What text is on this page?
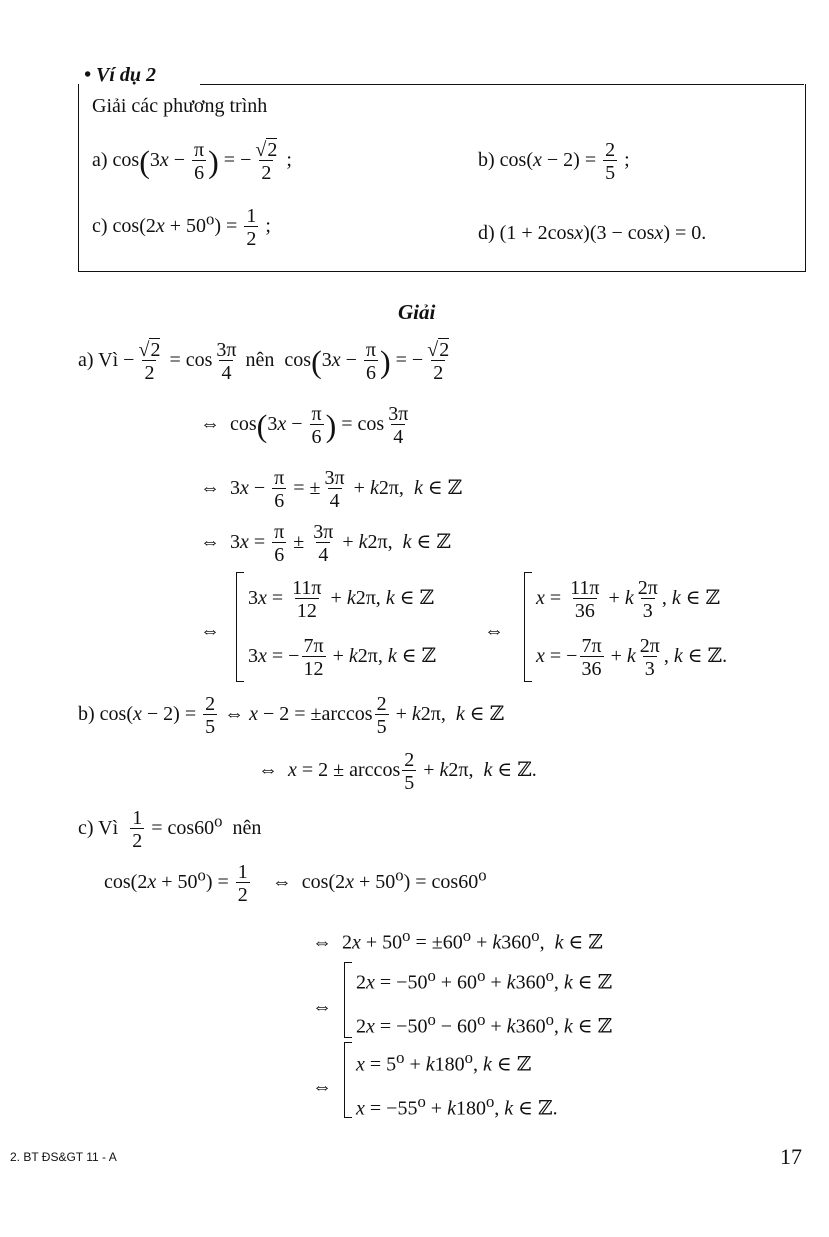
• Ví dụ 2
Giải các phương trình
a) $\cos(3x - \frac{\pi}{6}$ ) = − $\frac{√2}{2}$ ;	b) $\cos(x - 2) = \frac{2}{5}$ ;
c) $\cos(2x + 50^o) = \frac{1}{2}$ ;	d) (1 + 2cosx)(3 − cosx) = 0.
Giải
a) Vì − $\frac{√2}{2} = \cos \frac{3\pi}{4}$ nên  $\cos(3x - \frac{\pi}{6}$ ) = − $\frac{√2}{2}$
⇔  $\cos(3x - \frac{\pi}{6}$ ) = $\cos \frac{3\pi}{4}$
⇔  $3x - \frac{\pi}{6}$ = ± $\frac{3\pi}{4} + k2\pi$,  k ∈ ℤ
⇔  $3x = \frac{\pi}{6} \pm \frac{3\pi}{4} + k2\pi$,  k ∈ ℤ
⇔
$3x = \frac{11\pi}{12} + k2\pi$, k ∈ ℤ
3x = − $\frac{7\pi}{12} + k2\pi$, k ∈ ℤ
⇔
$x = \frac{11\pi}{36} + k \frac{2\pi}{3}$ , k ∈ ℤ
x = − $\frac{7\pi}{36} + k \frac{2\pi}{3}$ , k ∈ ℤ.
b) $\cos(x - 2) = \frac{2}{5}$ ⇔ $x - 2 = \pm\arccos \frac{2}{5} + k2\pi$,  k ∈ ℤ
⇔  $x = 2 \pm \arccos \frac{2}{5} + k2\pi$,  k ∈ ℤ.
c) Vì $\frac{1}{2} = \cos 60^o$  nên
$\cos(2x + 50^o) = \frac{1}{2}$ ⇔  $\cos(2x + 50^o) = \cos 60^o$
⇔  $2x + 50^o = \pm 60^o + k360^o$,  k ∈ ℤ
⇔
$2x = -50^o + 60^o + k360^o$, k ∈ ℤ
$2x = -50^o - 60^o + k360^o$, k ∈ ℤ
⇔
$x = 5^o + k180^o$, k ∈ ℤ
$x = -55^o + k180^o$, k ∈ ℤ.
2. BT ĐS&GT 11 - A	17
